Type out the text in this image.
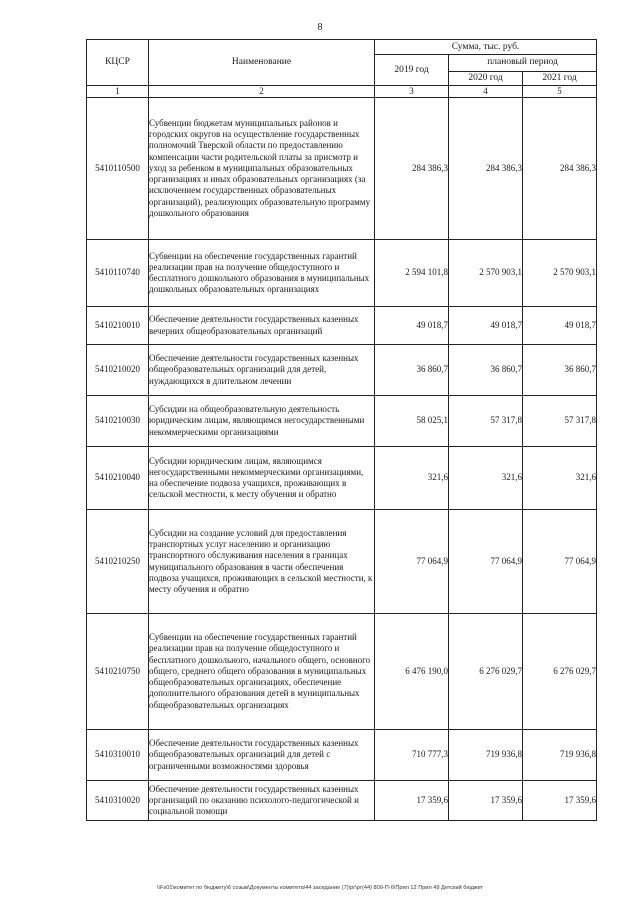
8
КЦСР	Наименование	Сумма, тыс. руб.		
		2019 год	плановый период	
			2020 год	2021 год
1	2	3	4	5
5410110500	Субвенции бюджетам муниципальных районов и городских округов на осуществление государственных полномочий Тверской области по предоставлению компенсации части родительской платы за присмотр и уход за ребенком в муниципальных образовательных организациях и иных образовательных организациях (за исключением государственных образовательных организаций), реализующих образовательную программу дошкольного образования	284 386,3	284 386,3	284 386,3
5410110740	Субвенции на обеспечение государственных гарантий реализации прав на получение общедоступного и бесплатного дошкольного образования в муниципальных дошкольных образовательных организациях	2 594 101,8	2 570 903,1	2 570 903,1
5410210010	Обеспечение деятельности государственных казенных вечерних общеобразовательных организаций	49 018,7	49 018,7	49 018,7
5410210020	Обеспечение деятельности государственных казенных общеобразовательных организаций для детей, нуждающихся в длительном лечении	36 860,7	36 860,7	36 860,7
5410210030	Субсидии на общеобразовательную деятельность юридическим лицам, являющимся негосударственными некоммерческими организациями	58 025,1	57 317,8	57 317,8
5410210040	Субсидии юридическим лицам, являющимся негосударственными некоммерческими организациями, на обеспечение подвоза учащихся, проживающих в сельской местности, к месту обучения и обратно	321,6	321,6	321,6
5410210250	Субсидии на создание условий для предоставления транспортных услуг населению и организацию транспортного обслуживания населения в границах муниципального образования в части обеспечения подвоза учащихся, проживающих в сельской местности, к месту обучения и обратно	77 064,9	77 064,9	77 064,9
5410210750	Субвенции на обеспечение государственных гарантий реализации прав на получение общедоступного и бесплатного дошкольного, начального общего, основного общего, среднего общего образования в муниципальных общеобразовательных организациях, обеспечение дополнительного образования детей в муниципальных общеобразовательных организациях	6 476 190,0	6 276 029,7	6 276 029,7
5410310010	Обеспечение деятельности государственных казенных общеобразовательных организаций для детей с ограниченными возможностями здоровья	710 777,3	719 936,8	719 936,8
5410310020	Обеспечение деятельности государственных казенных организаций по оказанию психолого-педагогической и социальной помощи	17 359,6	17 359,6	17 359,6
\\Fs01\комитет по бюджету\6 созыв\Документы комитета\44 заседание (7)\рг\рг(44) 809-П-б\Прил 12 Прил 49 Детский бюджет
